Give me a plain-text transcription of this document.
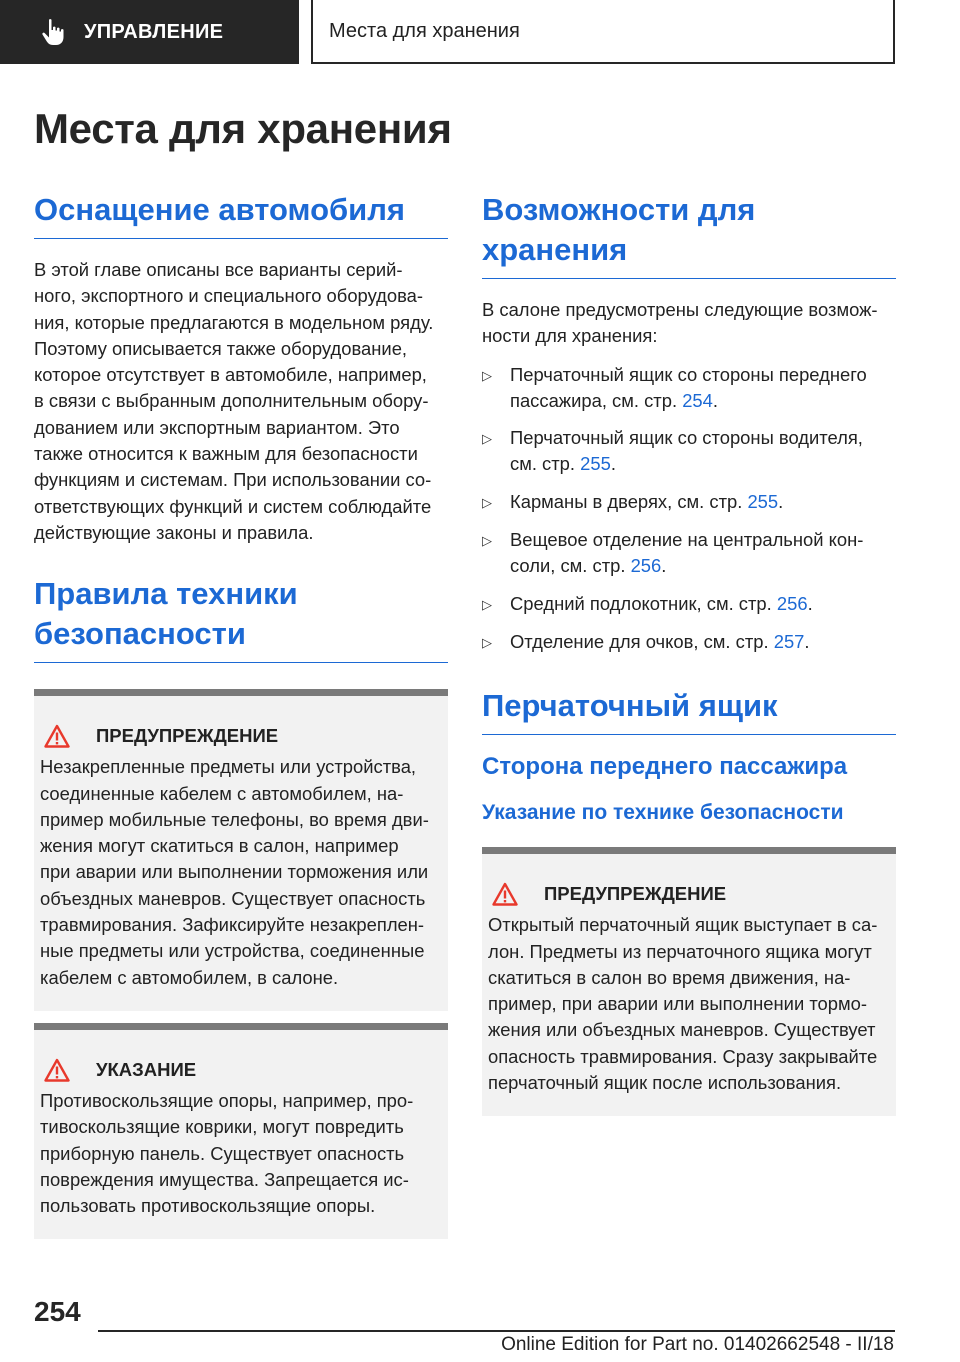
УПРАВЛЕНИЕ	Места для хранения
Места для хранения
Оснащение автомобиля

В этой главе описаны все варианты серий-
ного, экспортного и специального оборудова-
ния, которые предлагаются в модельном ряду.
Поэтому описывается также оборудование,
которое отсутствует в автомобиле, например,
в связи с выбранным дополнительным обору-
дованием или экспортным вариантом. Это
также относится к важным для безопасности
функциям и системам. При использовании со-
ответствующих функций и систем соблюдайте
действующие законы и правила.

Правила техники
безопасности
ПРЕДУПРЕЖДЕНИЕ

Незакрепленные предметы или устройства,
соединенные кабелем с автомобилем, на-
пример мобильные телефоны, во время дви-
жения могут скатиться в салон, например
при аварии или выполнении торможения или
объездных маневров. Существует опасность
травмирования. Зафиксируйте незакреплен-
ные предметы или устройства, соединенные
кабелем с автомобилем, в салоне.

УКАЗАНИЕ

Противоскользящие опоры, например, про-
тивоскользящие коврики, могут повредить
приборную панель. Существует опасность
повреждения имущества. Запрещается ис-
пользовать противоскользящие опоры.

Возможности для
хранения

В салоне предусмотрены следующие возмож-
ности для хранения:

▷ Перчаточный ящик со стороны переднего
пассажира, см. стр. 254.
▷ Перчаточный ящик со стороны водителя,
см. стр. 255.
▷ Карманы в дверях, см. стр. 255.
▷ Вещевое отделение на центральной кон-
соли, см. стр. 256.
▷ Средний подлокотник, см. стр. 256.
▷ Отделение для очков, см. стр. 257.
Перчаточный ящик
Сторона переднего пассажира
Указание по технике безопасности
ПРЕДУПРЕЖДЕНИЕ

Открытый перчаточный ящик выступает в са-
лон. Предметы из перчаточного ящика могут
скатиться в салон во время движения, на-
пример, при аварии или выполнении тормо-
жения или объездных маневров. Существует
опасность травмирования. Сразу закрывайте
перчаточный ящик после использования.

254
Online Edition for Part no. 01402662548 - II/18
